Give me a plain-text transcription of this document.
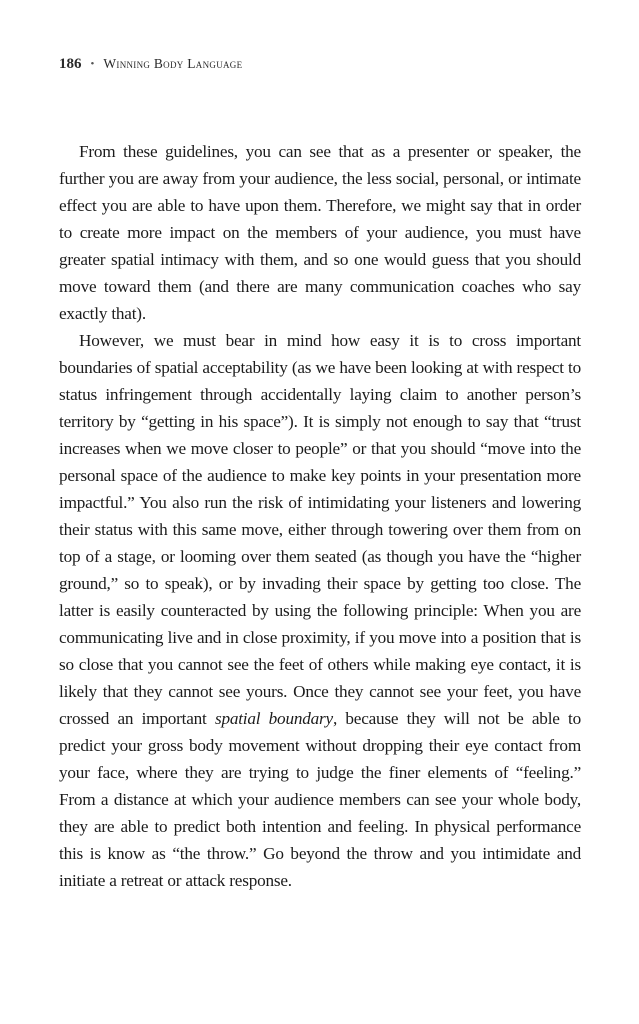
186 • Winning Body Language

From these guidelines, you can see that as a presenter or speaker, the further you are away from your audience, the less social, personal, or intimate effect you are able to have upon them. Therefore, we might say that in order to create more impact on the members of your audience, you must have greater spatial intimacy with them, and so one would guess that you should move toward them (and there are many communication coaches who say exactly that).

However, we must bear in mind how easy it is to cross important boundaries of spatial acceptability (as we have been looking at with respect to status infringement through accidentally laying claim to another person’s territory by “getting in his space”). It is simply not enough to say that “trust increases when we move closer to people” or that you should “move into the personal space of the audience to make key points in your presentation more impactful.” You also run the risk of intimidating your listeners and lowering their status with this same move, either through towering over them from on top of a stage, or looming over them seated (as though you have the “higher ground,” so to speak), or by invading their space by getting too close. The latter is easily counteracted by using the following principle: When you are communicating live and in close proximity, if you move into a position that is so close that you cannot see the feet of others while making eye contact, it is likely that they cannot see yours. Once they cannot see your feet, you have crossed an important spatial boundary, because they will not be able to predict your gross body movement without dropping their eye contact from your face, where they are trying to judge the finer elements of “feeling.” From a distance at which your audience members can see your whole body, they are able to predict both intention and feeling. In physical performance this is know as “the throw.” Go beyond the throw and you intimidate and initiate a retreat or attack response.
